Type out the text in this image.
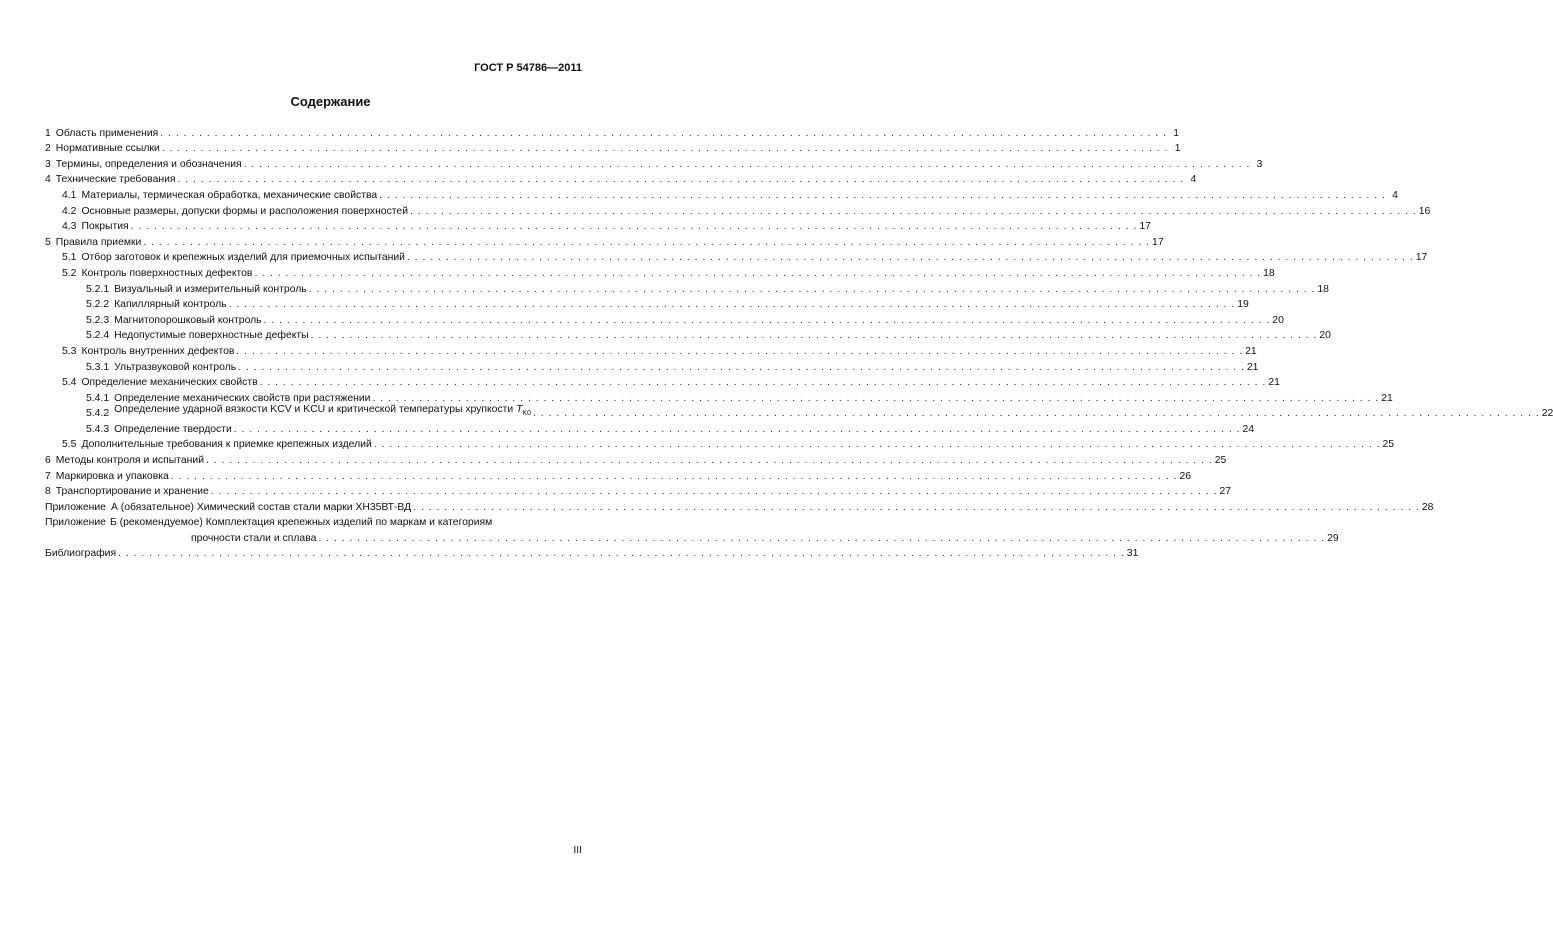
ГОСТ Р 54786—2011
Содержание
1 Область применения . . .	1
2 Нормативные ссылки . . .	1
3 Термины, определения и обозначения . . .	3
4 Технические требования . . .	4
4.1 Материалы, термическая обработка, механические свойства . . .	4
4.2 Основные размеры, допуски формы и расположения поверхностей . . .	16
4.3 Покрытия . . .	17
5 Правила приемки . . .	17
5.1 Отбор заготовок и крепежных изделий для приемочных испытаний . . .	17
5.2 Контроль поверхностных дефектов . . .	18
5.2.1 Визуальный и измерительный контроль . . .	18
5.2.2 Капиллярный контроль . . .	19
5.2.3 Магнитопорошковый контроль . . .	20
5.2.4 Недопустимые поверхностные дефекты . . .	20
5.3 Контроль внутренних дефектов . . .	21
5.3.1 Ультразвуковой контроль . . .	21
5.4 Определение механических свойств . . .	21
5.4.1 Определение механических свойств при растяжении . . .	21
5.4.2 Определение ударной вязкости KCV и KCU и критической температуры хрупкости $T_{K0}$ . . .	22
5.4.3 Определение твердости . . .	24
5.5 Дополнительные требования к приемке крепежных изделий . . .	25
6 Методы контроля и испытаний . . .	25
7 Маркировка и упаковка . . .	26
8 Транспортирование и хранение . . .	27
Приложение А (обязательное) Химический состав стали марки ХН35ВТ-ВД . . .	28
Приложение Б (рекомендуемое) Комплектация крепежных изделий по маркам и категориям
прочности стали и сплава . . .	29
Библиография . . .	31
III
